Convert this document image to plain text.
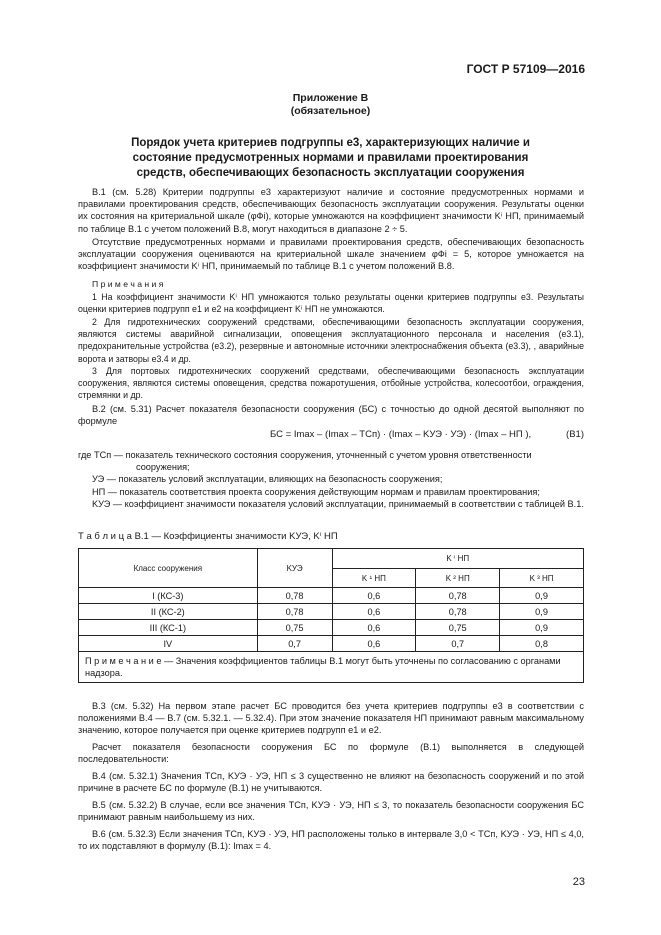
ГОСТ Р 57109—2016
Приложение В
(обязательное)
Порядок учета критериев подгруппы е3, характеризующих наличие и состояние предусмотренных нормами и правилами проектирования средств, обеспечивающих безопасность эксплуатации сооружения
В.1 (см. 5.28) Критерии подгруппы е3 характеризуют наличие и состояние предусмотренных нормами и правилами проектирования средств, обеспечивающих безопасность эксплуатации сооружения. Результаты оценки их состояния на критериальной шкале (φФi), которые умножаются на коэффициент значимости Kⁱ НП, принимаемый по таблице В.1 с учетом положений В.8, могут находиться в диапазоне 2 ÷ 5.
Отсутствие предусмотренных нормами и правилами проектирования средств, обеспечивающих безопасность эксплуатации сооружения оцениваются на критериальной шкале значением φФi = 5, которое умножается на коэффициент значимости Kⁱ НП, принимаемый по таблице В.1 с учетом положений В.8.
П р и м е ч а н и я
1 На коэффициент значимости Kⁱ НП умножаются только результаты оценки критериев подгруппы е3. Результаты оценки критериев подгрупп е1 и е2 на коэффициент Kⁱ НП не умножаются.
2 Для гидротехнических сооружений средствами, обеспечивающими безопасность эксплуатации сооружения, являются системы аварийной сигнализации, оповещения эксплуатационного персонала и населения (е3.1), предохранительные устройства (е3.2), резервные и автономные источники электроснабжения объекта (е3.3), , аварийные ворота и затворы е3.4 и др.
3 Для портовых гидротехнических сооружений средствами, обеспечивающими безопасность эксплуатации сооружения, являются системы оповещения, средства пожаротушения, отбойные устройства, колесоотбои, ограждения, стремянки и др.
В.2 (см. 5.31) Расчет показателя безопасности сооружения (БС) с точностью до одной десятой выполняют по формуле
БС = Imax – (Imax – ТСп) · (Imax – KУЭ · УЭ) · (Imax – НП ),	(В1)
где ТСп — показатель технического состояния сооружения, уточненный с учетом уровня ответственности сооружения;
УЭ — показатель условий эксплуатации, влияющих на безопасность сооружения;
НП — показатель соответствия проекта сооружения действующим нормам и правилам проектирования;
KУЭ — коэффициент значимости показателя условий эксплуатации, принимаемый в соответствии с таблицей В.1.
Т а б л и ц а В.1 — Коэффициенты значимости KУЭ, Kⁱ НП
Класс сооружения	KУЭ	K ⁱ НП		
		K ¹ НП	K ² НП	K ³ НП
I (КС-3)	0,78	0,6	0,78	0,9
II (КС-2)	0,78	0,6	0,78	0,9
III (КС-1)	0,75	0,6	0,75	0,9
IV	0,7	0,6	0,7	0,8
П р и м е ч а н и е — Значения коэффициентов таблицы В.1 могут быть уточнены по согласованию с органами надзора.				
В.3 (см. 5.32) На первом этапе расчет БС проводится без учета критериев подгруппы е3 в соответствии с положениями В.4 — В.7 (см. 5.32.1. — 5.32.4). При этом значение показателя НП принимают равным максимальному значению, которое получается при оценке критериев подгрупп е1 и е2.
Расчет показателя безопасности сооружения БС по формуле (В.1) выполняется в следующей последовательности:
В.4 (см. 5.32.1) Значения ТСп, KУЭ · УЭ, НП ≤ 3 существенно не влияют на безопасность сооружений и по этой причине в расчете БС по формуле (В.1) не учитываются.
В.5 (см. 5.32.2) В случае, если все значения ТСп, KУЭ · УЭ, НП ≤ 3, то показатель безопасности сооружения БС принимают равным наибольшему из них.
В.6 (см. 5.32.3) Если значения ТСп, KУЭ · УЭ, НП расположены только в интервале 3,0 < ТСп, KУЭ · УЭ, НП ≤ 4,0, то их подставляют в формулу (В.1): Imax = 4.
23
